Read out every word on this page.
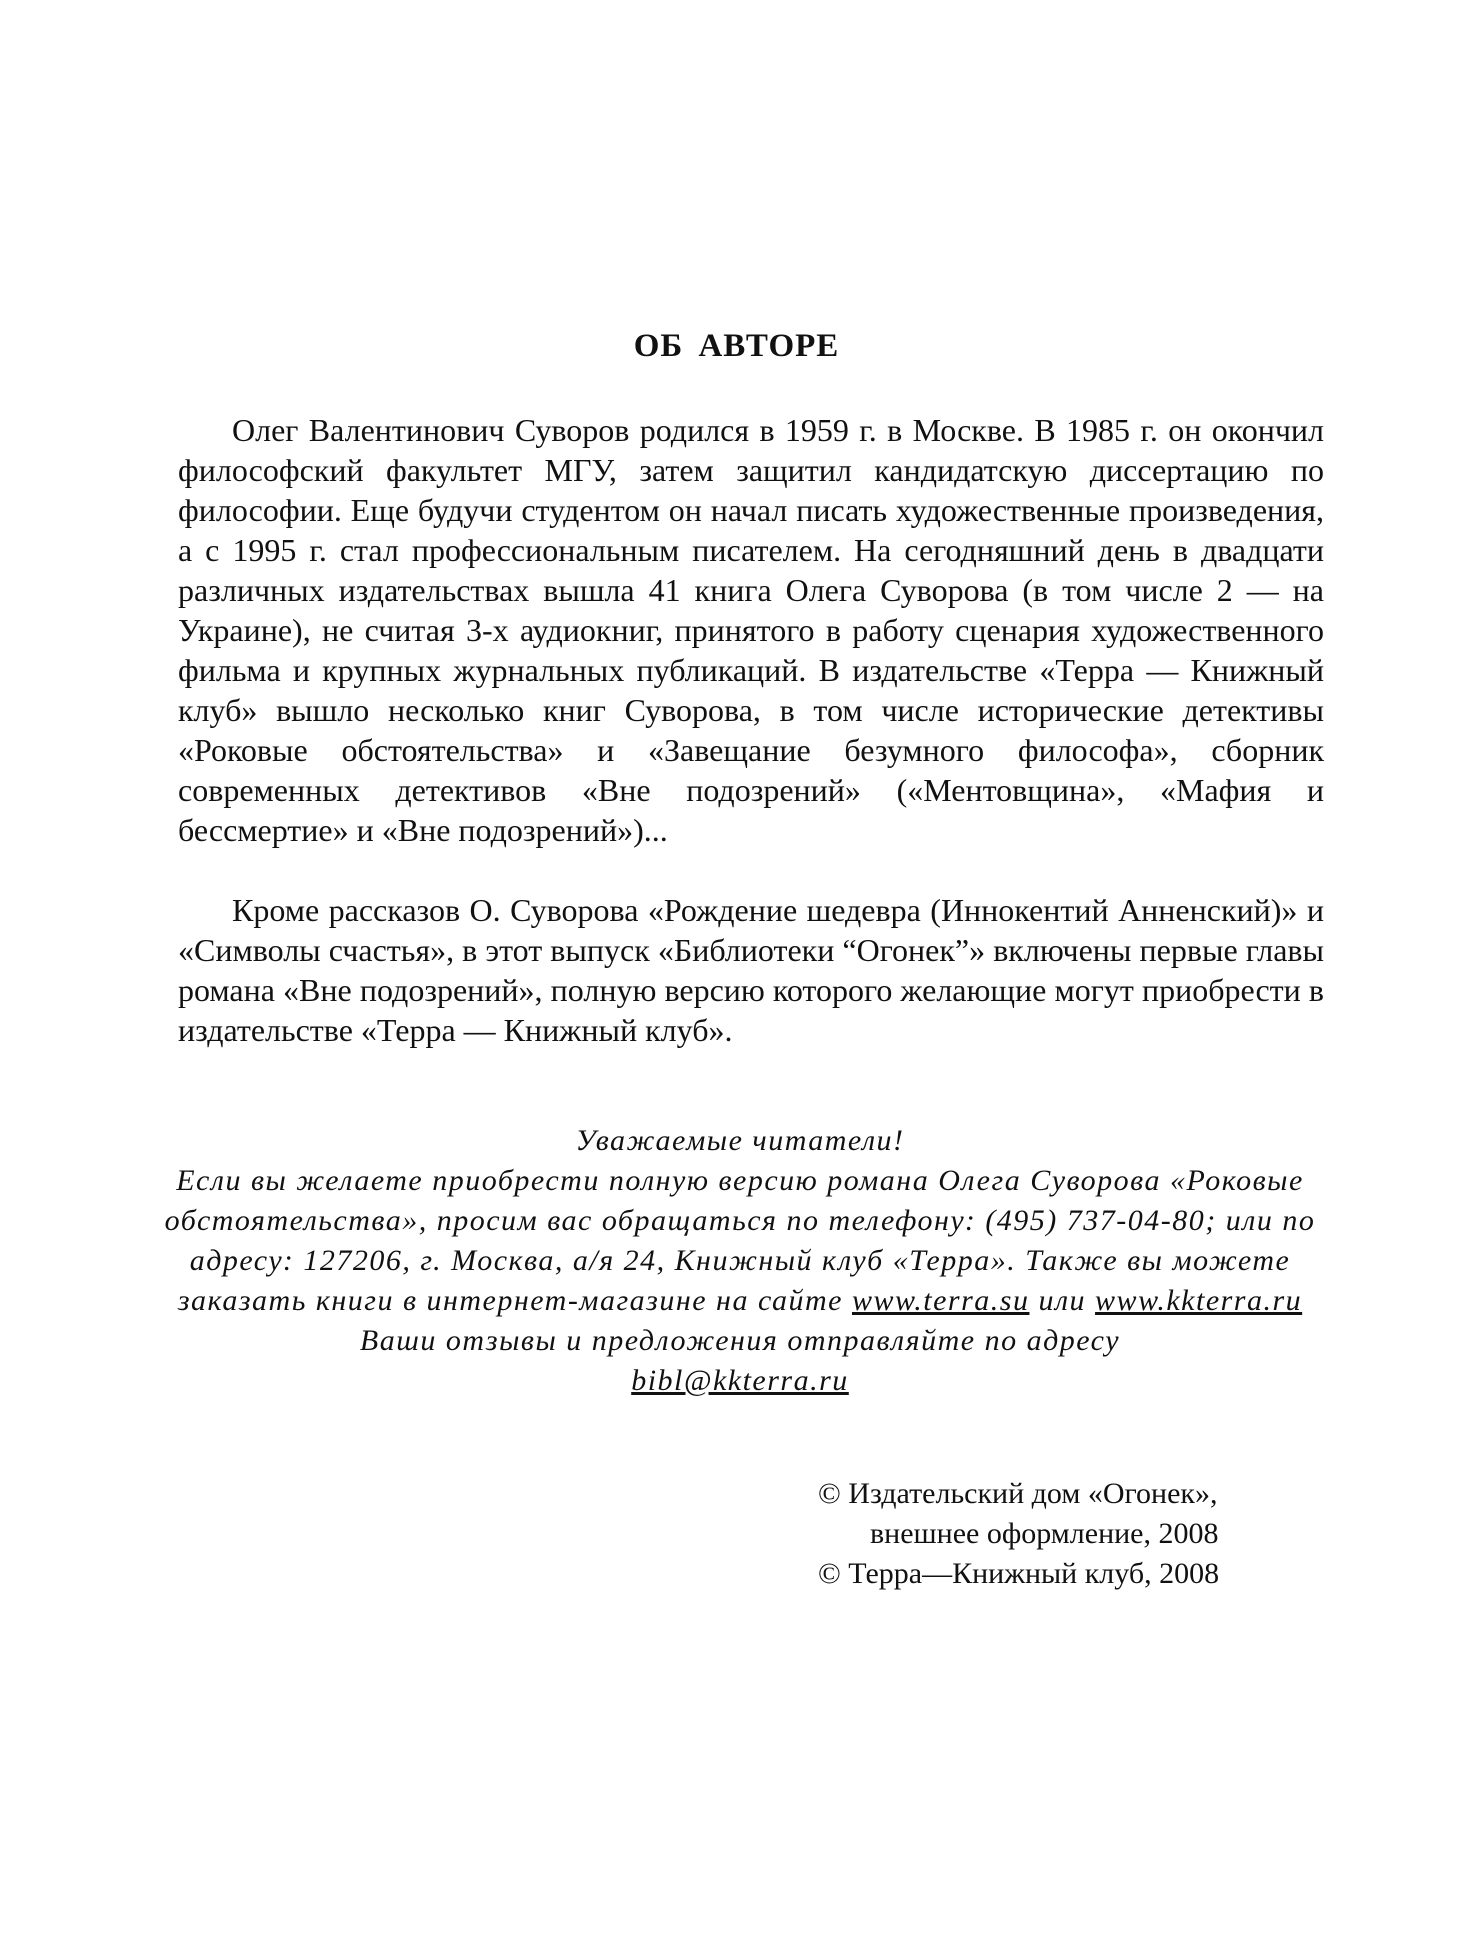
ОБ АВТОРЕ

Олег Валентинович Суворов родился в 1959 г. в Москве. В 1985 г. он окончил философский факультет МГУ, затем защитил кандидатскую диссертацию по философии. Еще будучи студентом он начал писать художественные произведения, а с 1995 г. стал профессиональным писателем. На сегодняшний день в двадцати различных издательствах вышла 41 книга Олега Суворова (в том числе 2 — на Украине), не считая 3-х аудиокниг, принятого в работу сценария художественного фильма и крупных журнальных публикаций. В издательстве «Терра — Книжный клуб» вышло несколько книг Суворова, в том числе исторические детективы «Роковые обстоятельства» и «Завещание безумного философа», сборник современных детективов «Вне подозрений» («Ментовщина», «Мафия и бессмертие» и «Вне подозрений»)...

Кроме рассказов О. Суворова «Рождение шедевра (Иннокентий Анненский)» и «Символы счастья», в этот выпуск «Библиотеки “Огонек”» включены первые главы романа «Вне подозрений», полную версию которого желающие могут приобрести в издательстве «Терра — Книжный клуб».

Уважаемые читатели!
Если вы желаете приобрести полную версию романа Олега Суворова «Роковые обстоятельства», просим вас обращаться по телефону: (495) 737-04-80; или по адресу: 127206, г. Москва, а/я 24, Книжный клуб «Терра». Также вы можете заказать книги в интернет-магазине на сайте www.terra.su или www.kkterra.ru
Ваши отзывы и предложения отправляйте по адресу
bibl@kkterra.ru
© Издательский дом «Огонек»,
внешнее оформление, 2008
© Терра—Книжный клуб, 2008
